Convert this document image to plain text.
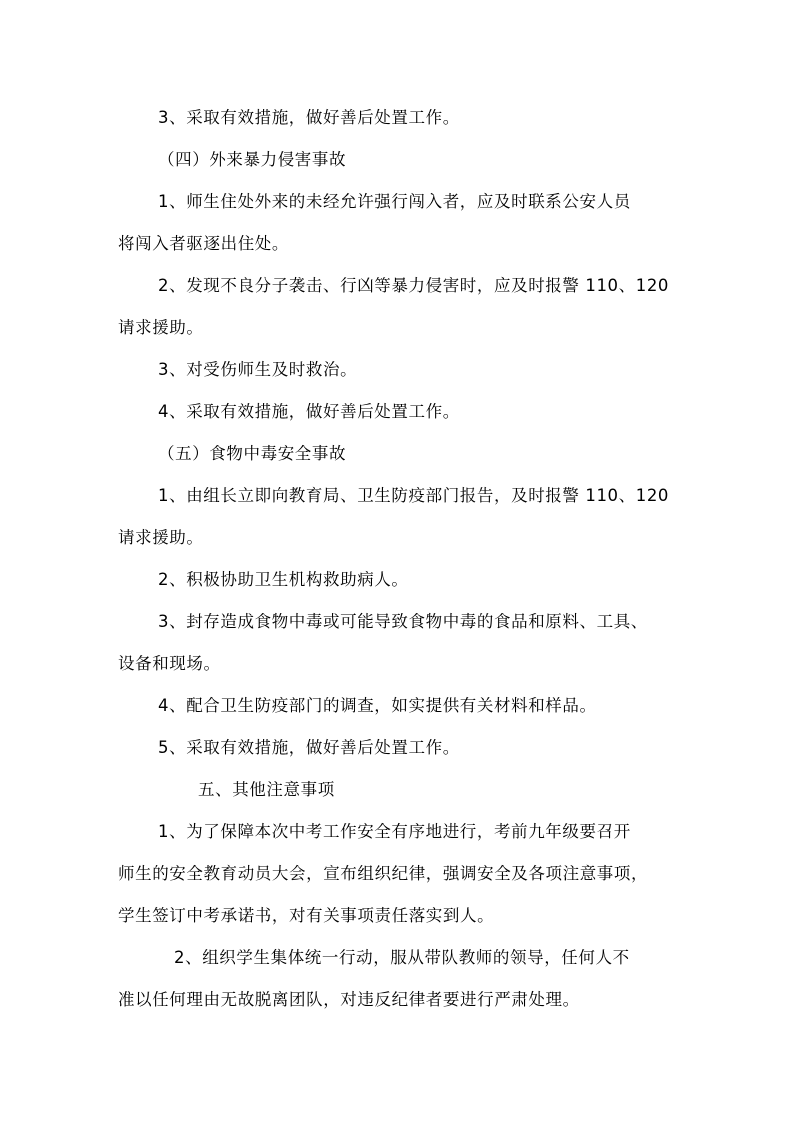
3、采取有效措施，做好善后处置工作。
（四）外来暴力侵害事故
1、师生住处外来的未经允许强行闯入者，应及时联系公安人员
将闯入者驱逐出住处。
2、发现不良分子袭击、行凶等暴力侵害时，应及时报警 110、120
请求援助。
3、对受伤师生及时救治。
4、采取有效措施，做好善后处置工作。
（五）食物中毒安全事故
1、由组长立即向教育局、卫生防疫部门报告，及时报警 110、120
请求援助。
2、积极协助卫生机构救助病人。
3、封存造成食物中毒或可能导致食物中毒的食品和原料、工具、
设备和现场。
4、配合卫生防疫部门的调查，如实提供有关材料和样品。
5、采取有效措施，做好善后处置工作。
五、其他注意事项
1、为了保障本次中考工作安全有序地进行，考前九年级要召开
师生的安全教育动员大会，宣布组织纪律，强调安全及各项注意事项，
学生签订中考承诺书，对有关事项责任落实到人。
2、组织学生集体统一行动，服从带队教师的领导，任何人不
准以任何理由无故脱离团队，对违反纪律者要进行严肃处理。
